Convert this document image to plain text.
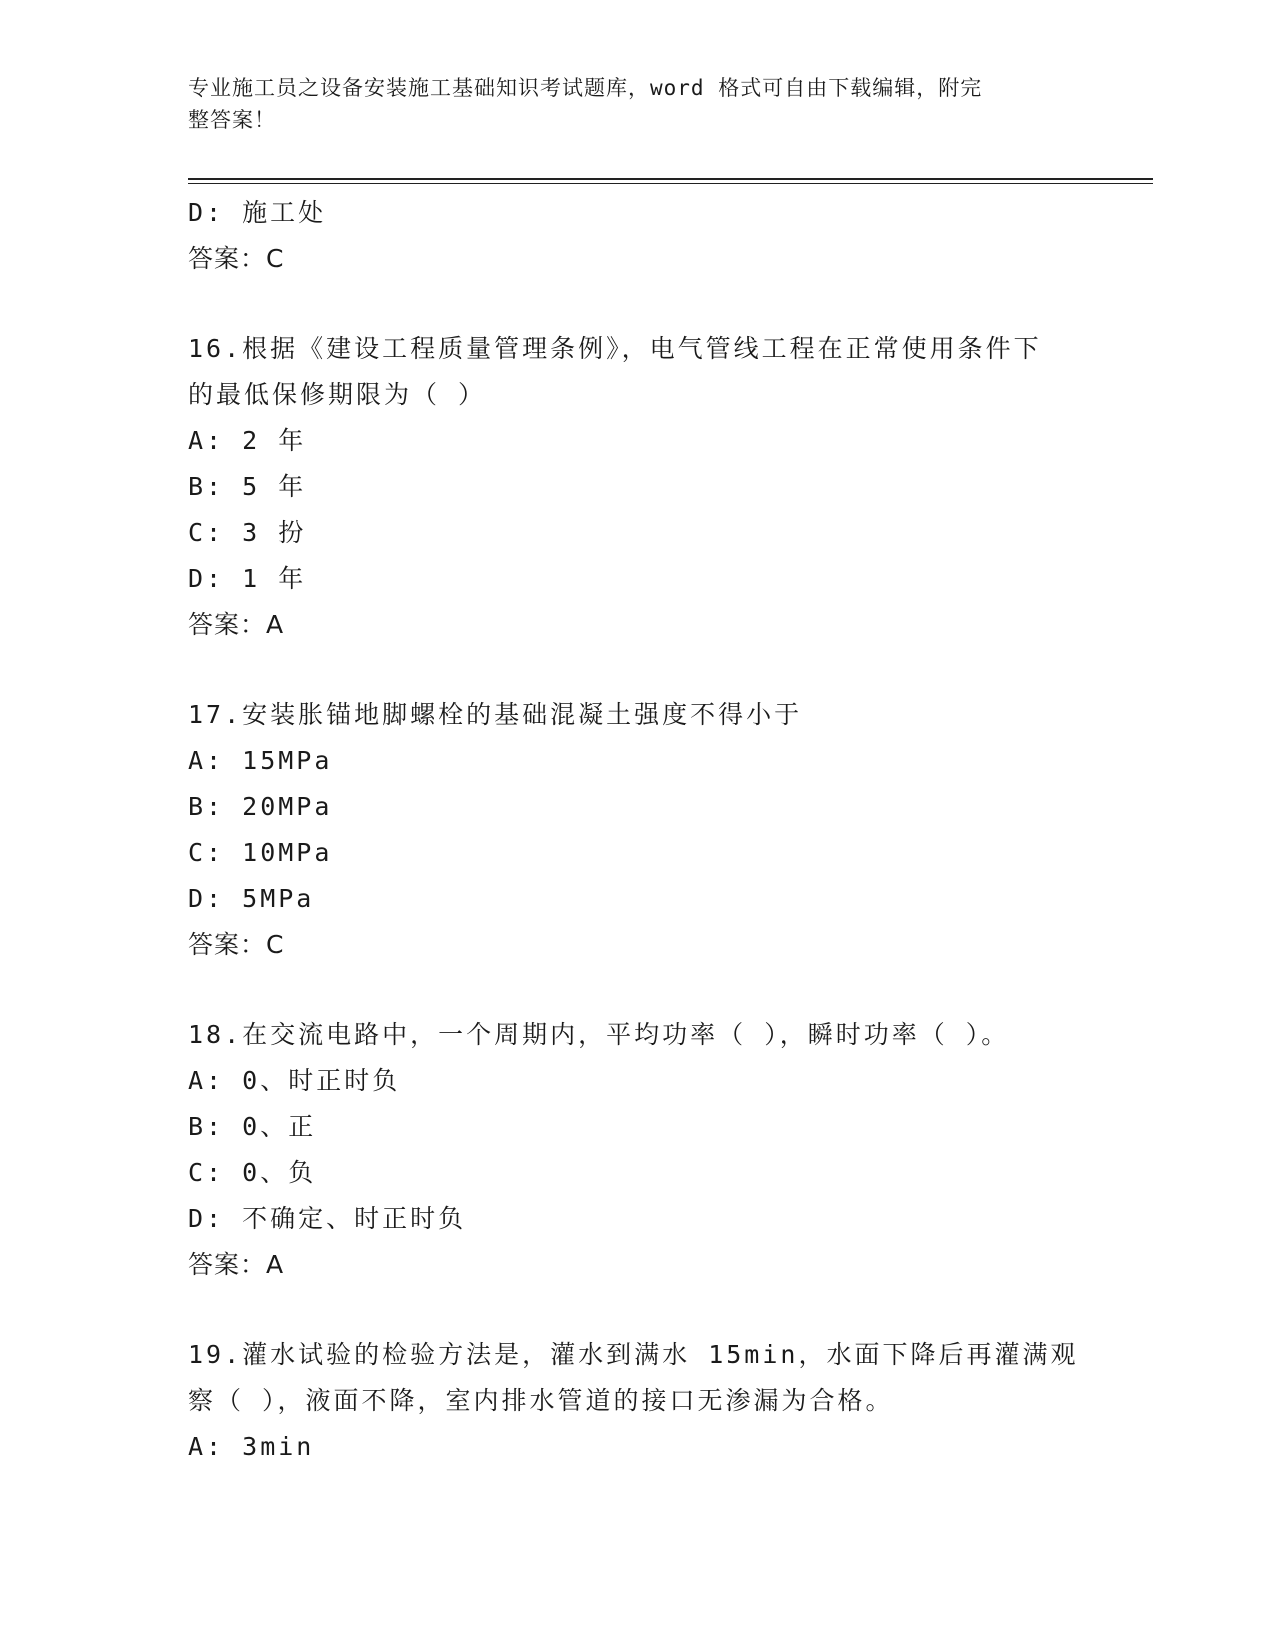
专业施工员之设备安装施工基础知识考试题库，word 格式可自由下载编辑，附完
整答案！
D: 施工处
答案：C
16.根据《建设工程质量管理条例》，电气管线工程在正常使用条件下
的最低保修期限为（ ）
A: 2 年
B: 5 年
C: 3 扮
D: 1 年
答案：A
17.安装胀锚地脚螺栓的基础混凝土强度不得小于
A: 15MPa
B: 20MPa
C: 10MPa
D: 5MPa
答案：C
18.在交流电路中，一个周期内，平均功率（ ），瞬时功率（ ）。
A: 0、时正时负
B: 0、正
C: 0、负
D: 不确定、时正时负
答案：A
19.灌水试验的检验方法是，灌水到满水 15min，水面下降后再灌满观
察（ ），液面不降，室内排水管道的接口无渗漏为合格。
A: 3min
